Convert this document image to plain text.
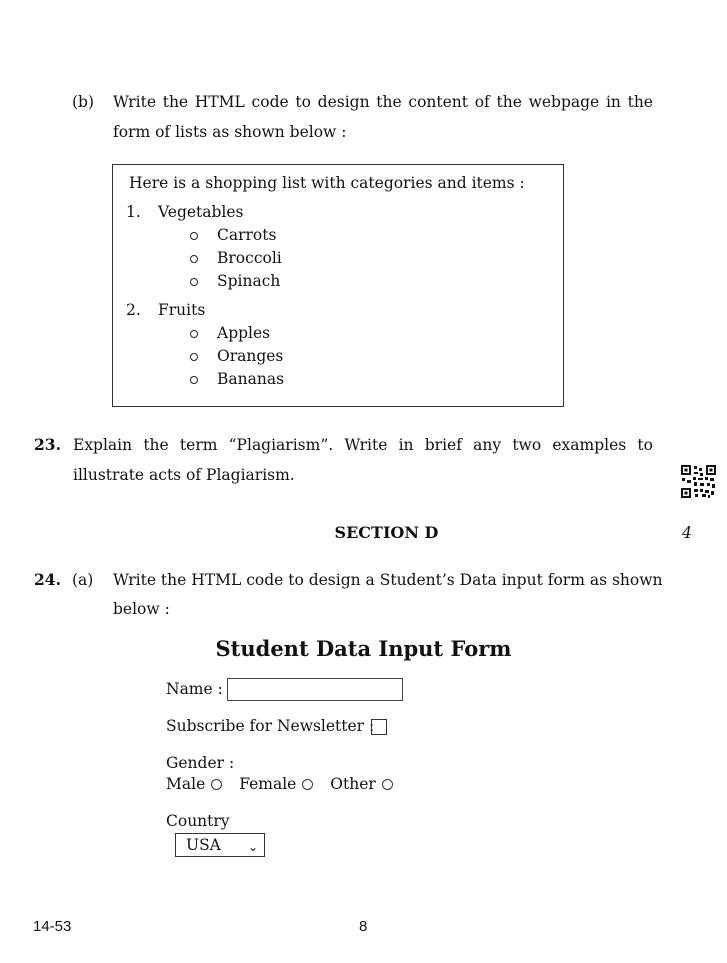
(b) Write the HTML code to design the content of the webpage in the
form of lists as shown below :
Here is a shopping list with categories and items :
1. Vegetables
Carrots
Broccoli
Spinach
2. Fruits
Apples
Oranges
Bananas
23. Explain the term “Plagiarism”. Write in brief any two examples to
illustrate acts of Plagiarism.
SECTION D	4
24. (a) Write the HTML code to design a Student’s Data input form as shown
below :
Student Data Input Form
Name :
Subscribe for Newsletter :
Gender :
Male
Female
Other
Country
USA ⌄
14-53	8
